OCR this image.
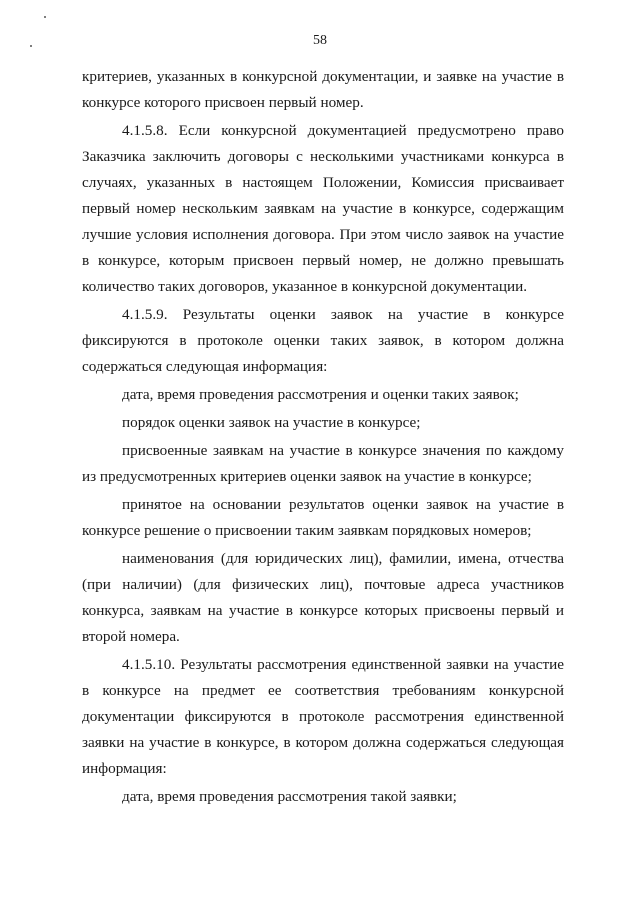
58

критериев, указанных в конкурсной документации, и заявке на участие в конкурсе которого присвоен первый номер.

4.1.5.8. Если конкурсной документацией предусмотрено право Заказчика заключить договоры с несколькими участниками конкурса в случаях, указанных в настоящем Положении, Комиссия присваивает первый номер нескольким заявкам на участие в конкурсе, содержащим лучшие условия исполнения договора. При этом число заявок на участие в конкурсе, которым присвоен первый номер, не должно превышать количество таких договоров, указанное в конкурсной документации.

4.1.5.9. Результаты оценки заявок на участие в конкурсе фиксируются в протоколе оценки таких заявок, в котором должна содержаться следующая информация:

дата, время проведения рассмотрения и оценки таких заявок;

порядок оценки заявок на участие в конкурсе;

присвоенные заявкам на участие в конкурсе значения по каждому из предусмотренных критериев оценки заявок на участие в конкурсе;

принятое на основании результатов оценки заявок на участие в конкурсе решение о присвоении таким заявкам порядковых номеров;

наименования (для юридических лиц), фамилии, имена, отчества (при наличии) (для физических лиц), почтовые адреса участников конкурса, заявкам на участие в конкурсе которых присвоены первый и второй номера.

4.1.5.10. Результаты рассмотрения единственной заявки на участие в конкурсе на предмет ее соответствия требованиям конкурсной документации фиксируются в протоколе рассмотрения единственной заявки на участие в конкурсе, в котором должна содержаться следующая информация:

дата, время проведения рассмотрения такой заявки;
